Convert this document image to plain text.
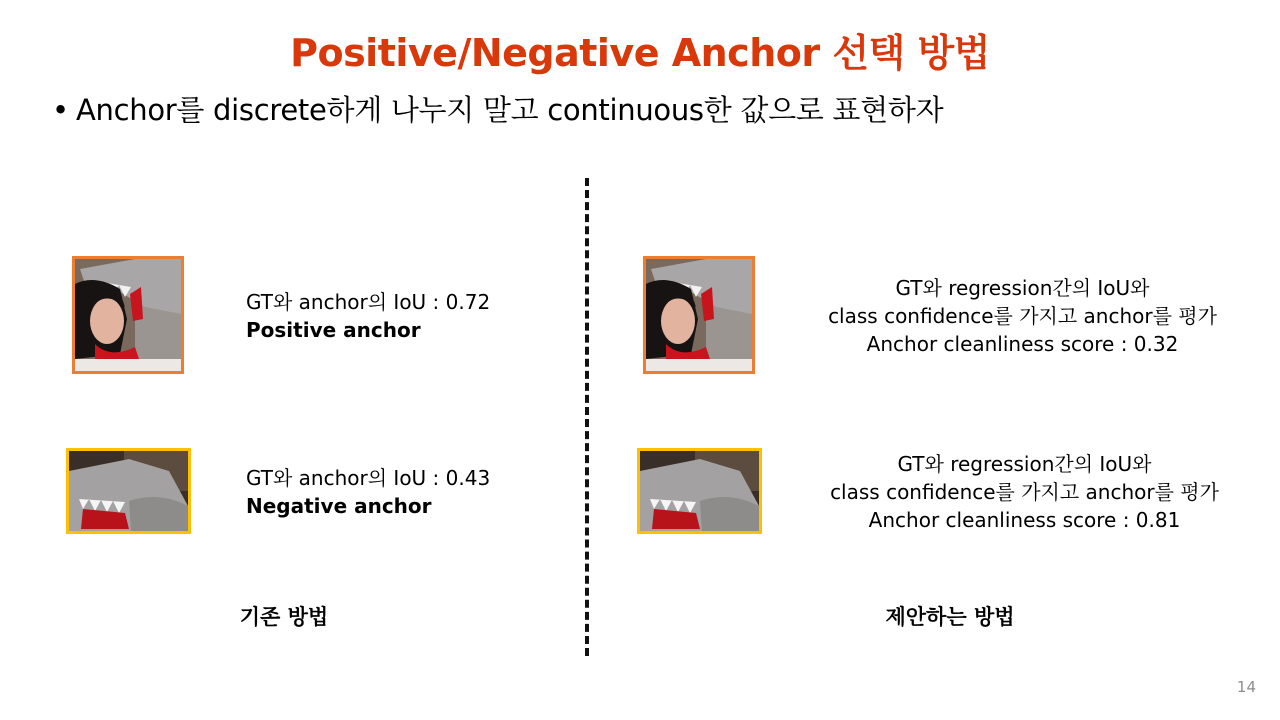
Positive/Negative Anchor 선택 방법
• Anchor를 discrete하게 나누지 말고 continuous한 값으로 표현하자
GT와 anchor의 IoU : 0.72
Positive anchor
GT와 anchor의 IoU : 0.43
Negative anchor
기존 방법
GT와 regression간의 IoU와
class confidence를 가지고 anchor를 평가
Anchor cleanliness score : 0.32
GT와 regression간의 IoU와
class confidence를 가지고 anchor를 평가
Anchor cleanliness score : 0.81
제안하는 방법
14
